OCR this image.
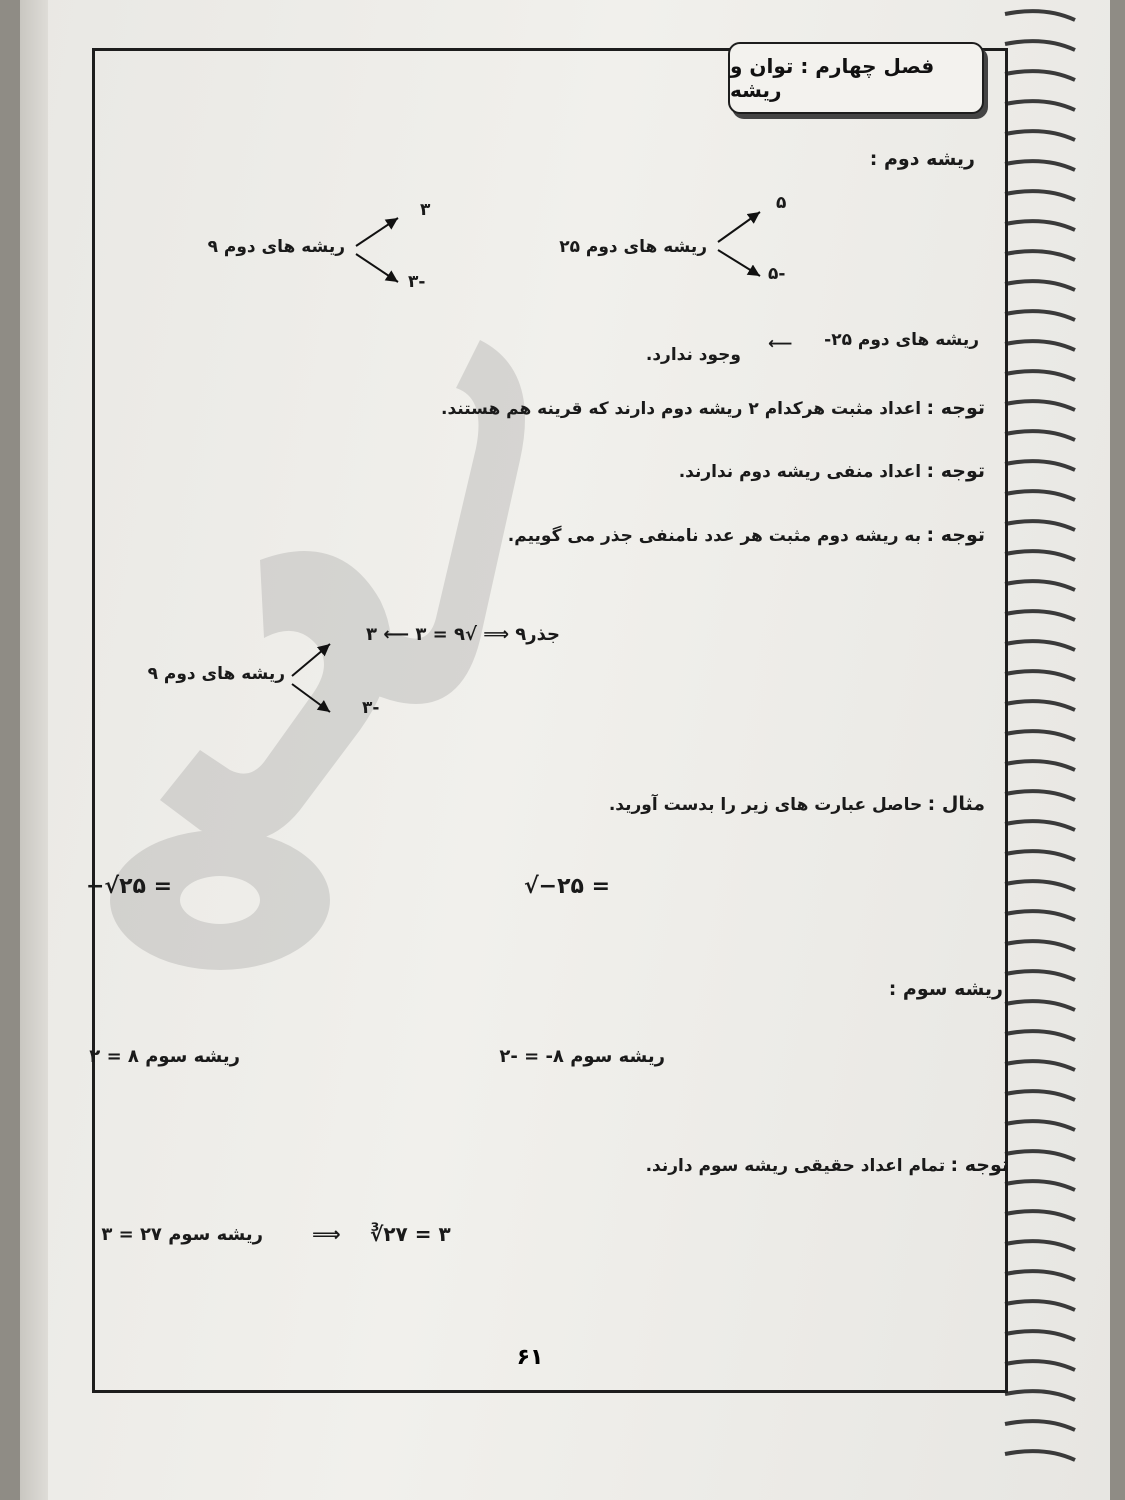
فصل چهارم : توان و ریشه
ریشه دوم :
ریشه های دوم ۹
۳
-۳
ریشه های دوم ۲۵
۵
-۵
ریشه های دوم ۲۵-
⟵
وجود ندارد.
توجه : اعداد مثبت هرکدام ۲ ریشه دوم دارند که قرینه هم هستند.
توجه : اعداد منفی ریشه دوم ندارند.
توجه : به ریشه دوم مثبت هر عدد نامنفی جذر می گوییم.
ریشه های دوم ۹
۳ ⟵ جذر۹ ⟹ √۹ = ۳
-۳
مثال : حاصل عبارت های زیر را بدست آورید.
−√۲۵ =	√−۲۵ =
ریشه سوم :
ریشه سوم ۸ = ۲	ریشه سوم ۸- = -۲
توجه : تمام اعداد حقیقی ریشه سوم دارند.
ریشه سوم ۲۷ = ۳ ⟹ ∛۲۷ = ۳
۶۱
